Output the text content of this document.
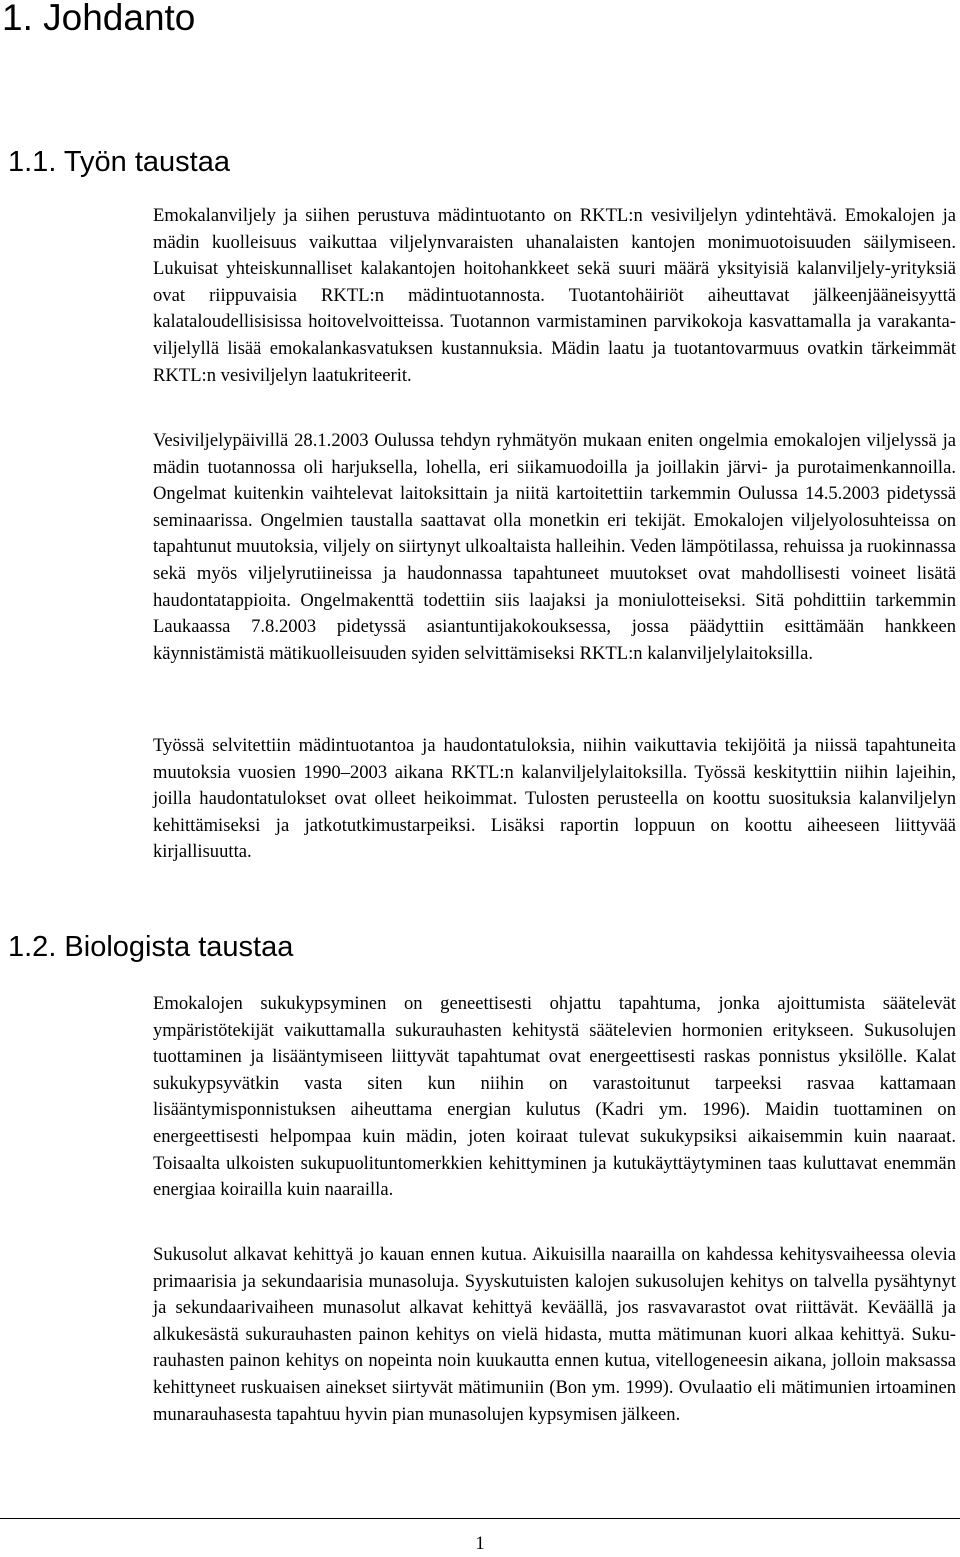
1. Johdanto
1.1. Työn taustaa

Emokalanviljely ja siihen perustuva mädintuotanto on RKTL:n vesiviljelyn ydintehtävä. Emokalojen ja mädin kuolleisuus vaikuttaa viljelynvaraisten uhanalaisten kantojen monimuotoisuuden säilymiseen. Lukuisat yhteiskunnalliset kalakantojen hoitohankkeet sekä suuri määrä yksityisiä kalanviljely-yrityksiä ovat riippuvaisia RKTL:n mädintuotannosta. Tuotantohäiriöt aiheuttavat jälkeenjääneisyyttä kalataloudellisisissa hoitovelvoitteissa. Tuotannon varmistaminen parvikokoja kasvattamalla ja varakantaviljelyllä lisää emokalankasvatuksen kustannuksia. Mädin laatu ja tuotantovarmuus ovatkin tärkeimmät RKTL:n vesiviljelyn laatukriteerit.

Vesiviljelypäivillä 28.1.2003 Oulussa tehdyn ryhmätyön mukaan eniten ongelmia emokalojen viljelyssä ja mädin tuotannossa oli harjuksella, lohella, eri siikamuodoilla ja joillakin järvi- ja purotaimenkannoilla. Ongelmat kuitenkin vaihtelevat laitoksittain ja niitä kartoitettiin tarkemmin Oulussa 14.5.2003 pidetyssä seminaarissa. Ongelmien taustalla saattavat olla monetkin eri tekijät. Emokalojen viljelyolosuhteissa on tapahtunut muutoksia, viljely on siirtynyt ulkoaltaista halleihin. Veden lämpötilassa, rehuissa ja ruokinnassa sekä myös viljelyrutiineissa ja haudonnassa tapahtuneet muutokset ovat mahdollisesti voineet lisätä haudontatappioita. Ongelmakenttä todettiin siis laajaksi ja moniulotteiseksi. Sitä pohdittiin tarkemmin Laukaassa 7.8.2003 pidetyssä asiantuntijakokouksessa, jossa päädyttiin esittämään hankkeen käynnistämistä mätikuolleisuuden syiden selvittämiseksi RKTL:n kalanviljelylaitoksilla.

Työssä selvitettiin mädintuotantoa ja haudontatuloksia, niihin vaikuttavia tekijöitä ja niissä tapahtuneita muutoksia vuosien 1990–2003 aikana RKTL:n kalanviljelylaitoksilla. Työssä keskityttiin niihin lajeihin, joilla haudontatulokset ovat olleet heikoimmat. Tulosten perusteella on koottu suosituksia kalanviljelyn kehittämiseksi ja jatkotutkimustarpeiksi. Lisäksi raportin loppuun on koottu aiheeseen liittyvää kirjallisuutta.

1.2. Biologista taustaa

Emokalojen sukukypsyminen on geneettisesti ohjattu tapahtuma, jonka ajoittumista säätelevät ympäristötekijät vaikuttamalla sukurauhasten kehitystä säätelevien hormonien eritykseen. Sukusolujen tuottaminen ja lisääntymiseen liittyvät tapahtumat ovat energeettisesti raskas ponnistus yksilölle. Kalat sukukypsyvätkin vasta siten kun niihin on varastoitunut tarpeeksi rasvaa kattamaan lisääntymisponnistuksen aiheuttama energian kulutus (Kadri ym. 1996). Maidin tuottaminen on energeettisesti helpompaa kuin mädin, joten koiraat tulevat sukukypsiksi aikaisemmin kuin naaraat. Toisaalta ulkoisten sukupuolituntomerkkien kehittyminen ja kutukäyttäytyminen taas kuluttavat enemmän energiaa koirailla kuin naarailla.

Sukusolut alkavat kehittyä jo kauan ennen kutua. Aikuisilla naarailla on kahdessa kehitysvaiheessa olevia primaarisia ja sekundaarisia munasoluja. Syyskutuisten kalojen sukusolujen kehitys on talvella pysähtynyt ja sekundaarivaiheen munasolut alkavat kehittyä keväällä, jos rasvavarastot ovat riittävät. Keväällä ja alkukesästä sukurauhasten painon kehitys on vielä hidasta, mutta mätimunan kuori alkaa kehittyä. Sukurauhasten painon kehitys on nopeinta noin kuukautta ennen kutua, vitellogeneesin aikana, jolloin maksassa kehittyneet ruskuaisen ainekset siirtyvät mätimuniin (Bon ym. 1999). Ovulaatio eli mätimunien irtoaminen munarauhasesta tapahtuu hyvin pian munasolujen kypsymisen jälkeen.

1
